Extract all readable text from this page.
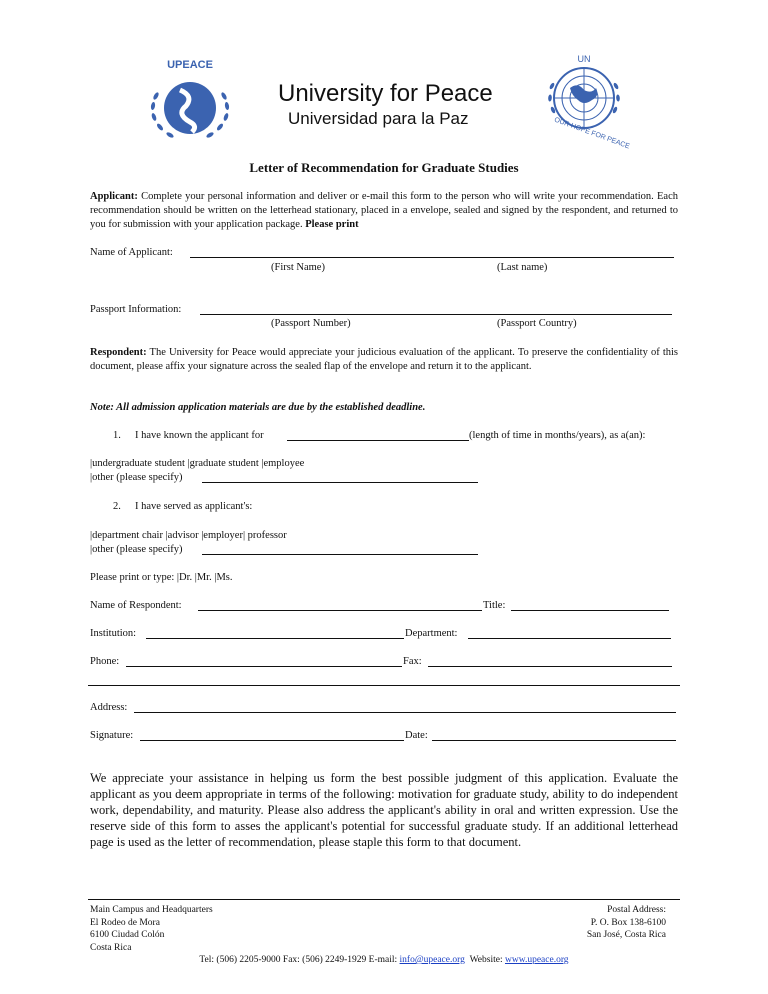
UPEACE
University for Peace
Universidad para la Paz
UN
OUR HOPE FOR PEACE
Letter of Recommendation for Graduate Studies
Applicant: Complete your personal information and deliver or e-mail this form to the person who will write your recommendation. Each recommendation should be written on the letterhead stationary, placed in a envelope, sealed and signed by the respondent, and returned to you for submission with your application package. Please print
Name of Applicant:
(First Name)	(Last name)
Passport Information:
(Passport Number)	(Passport Country)
Respondent: The University for Peace would appreciate your judicious evaluation of the applicant. To preserve the confidentiality of this document, please affix your signature across the sealed flap of the envelope and return it to the applicant.
Note: All admission application materials are due by the established deadline.
1. I have known the applicant for	(length of time in months/years), as a(an):
|undergraduate student |graduate student |employee
|other (please specify)
2. I have served as applicant's:
|department chair |advisor |employer| professor
|other (please specify)
Please print or type: |Dr. |Mr. |Ms.
Name of Respondent:	Title:
Institution:	Department:
Phone:	Fax:
Address:
Signature:	Date:
We appreciate your assistance in helping us form the best possible judgment of this application. Evaluate the applicant as you deem appropriate in terms of the following: motivation for graduate study, ability to do independent work, dependability, and maturity. Please also address the applicant's ability in oral and written expression. Use the reserve side of this form to asses the applicant's potential for successful graduate study. If an additional letterhead page is used as the letter of recommendation, please staple this form to that document.
Main Campus and Headquarters
El Rodeo de Mora
6100 Ciudad Colón
Costa Rica
Postal Address:
P. O. Box 138-6100
San José, Costa Rica
Tel: (506) 2205-9000 Fax: (506) 2249-1929 E-mail: info@upeace.org Website: www.upeace.org
